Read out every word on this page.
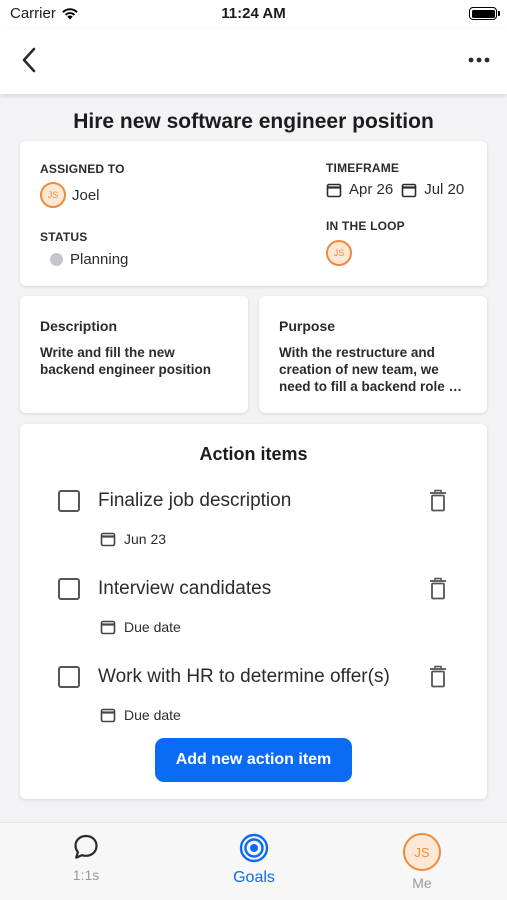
Carrier	11:24 AM
Hire new software engineer position
ASSIGNED TO
JS Joel
STATUS
Planning
TIMEFRAME
Apr 26 Jul 20
IN THE LOOP
JS
Description
Write and fill the new backend engineer position
Purpose
With the restructure and creation of new team, we need to fill a backend role …
Action items
Finalize job description
Jun 23
Interview candidates
Due date
Work with HR to determine offer(s)
Due date
Add new action item
1:1s	Goals
JS
Me
